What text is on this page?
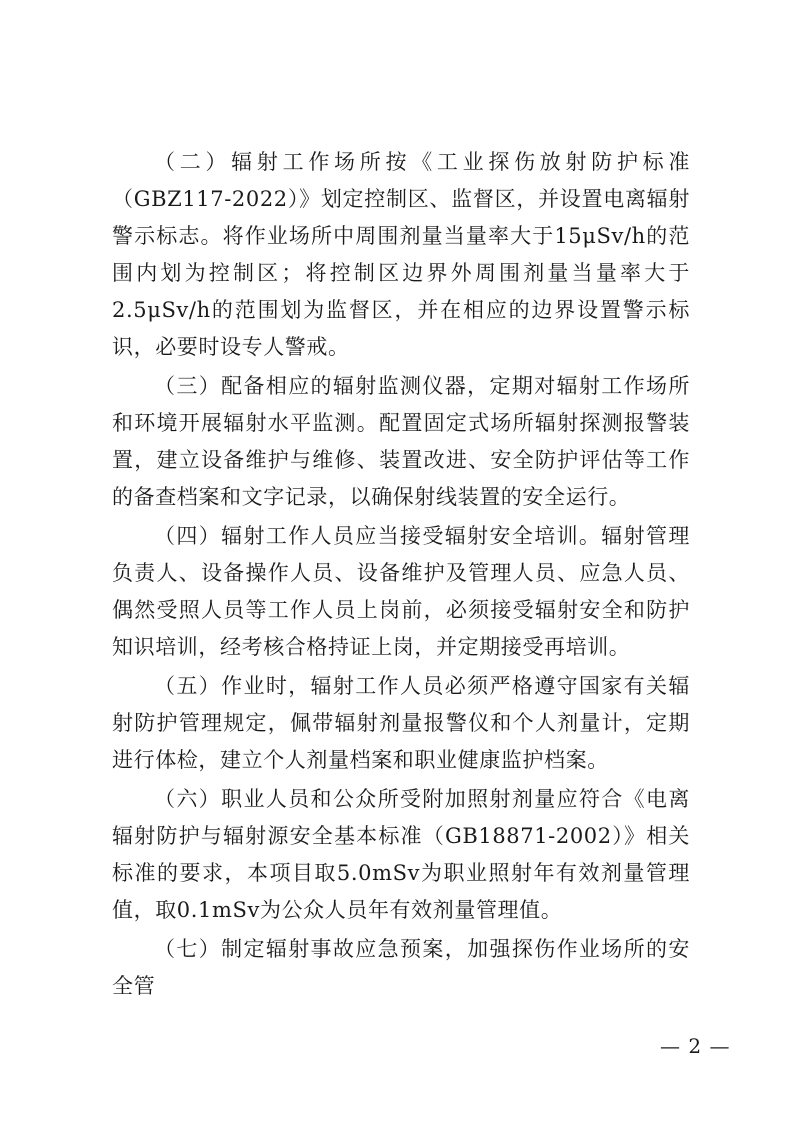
（二）辐射工作场所按《工业探伤放射防护标准（GBZ117-2022）》划定控制区、监督区，并设置电离辐射警示标志。将作业场所中周围剂量当量率大于15μSv/h的范围内划为控制区；将控制区边界外周围剂量当量率大于2.5μSv/h的范围划为监督区，并在相应的边界设置警示标识，必要时设专人警戒。

（三）配备相应的辐射监测仪器，定期对辐射工作场所和环境开展辐射水平监测。配置固定式场所辐射探测报警装置，建立设备维护与维修、装置改进、安全防护评估等工作的备查档案和文字记录，以确保射线装置的安全运行。

（四）辐射工作人员应当接受辐射安全培训。辐射管理负责人、设备操作人员、设备维护及管理人员、应急人员、偶然受照人员等工作人员上岗前，必须接受辐射安全和防护知识培训，经考核合格持证上岗，并定期接受再培训。

（五）作业时，辐射工作人员必须严格遵守国家有关辐射防护管理规定，佩带辐射剂量报警仪和个人剂量计，定期进行体检，建立个人剂量档案和职业健康监护档案。

（六）职业人员和公众所受附加照射剂量应符合《电离辐射防护与辐射源安全基本标准（GB18871-2002）》相关标准的要求，本项目取5.0mSv为职业照射年有效剂量管理值，取0.1mSv为公众人员年有效剂量管理值。

（七）制定辐射事故应急预案，加强探伤作业场所的安全管

— 2 —
